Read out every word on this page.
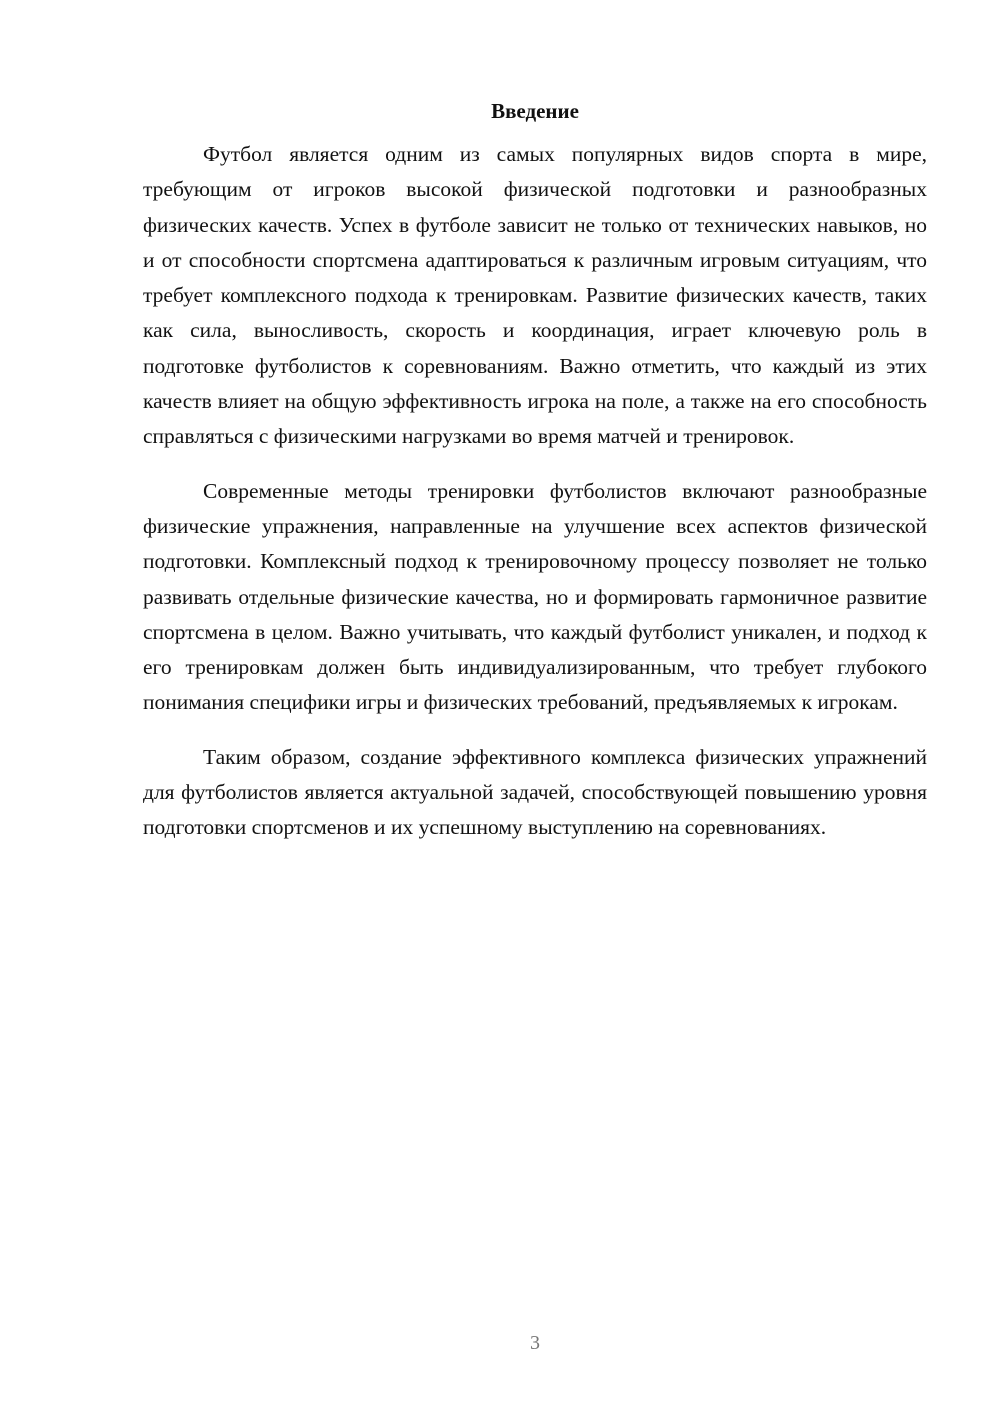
Введение

Футбол является одним из самых популярных видов спорта в мире, требующим от игроков высокой физической подготовки и разнообразных физических качеств. Успех в футболе зависит не только от технических навыков, но и от способности спортсмена адаптироваться к различным игровым ситуациям, что требует комплексного подхода к тренировкам. Развитие физических качеств, таких как сила, выносливость, скорость и координация, играет ключевую роль в подготовке футболистов к соревнованиям. Важно отметить, что каждый из этих качеств влияет на общую эффективность игрока на поле, а также на его способность справляться с физическими нагрузками во время матчей и тренировок.

Современные методы тренировки футболистов включают разнообразные физические упражнения, направленные на улучшение всех аспектов физической подготовки. Комплексный подход к тренировочному процессу позволяет не только развивать отдельные физические качества, но и формировать гармоничное развитие спортсмена в целом. Важно учитывать, что каждый футболист уникален, и подход к его тренировкам должен быть индивидуализированным, что требует глубокого понимания специфики игры и физических требований, предъявляемых к игрокам.

Таким образом, создание эффективного комплекса физических упражнений для футболистов является актуальной задачей, способствующей повышению уровня подготовки спортсменов и их успешному выступлению на соревнованиях.

3
